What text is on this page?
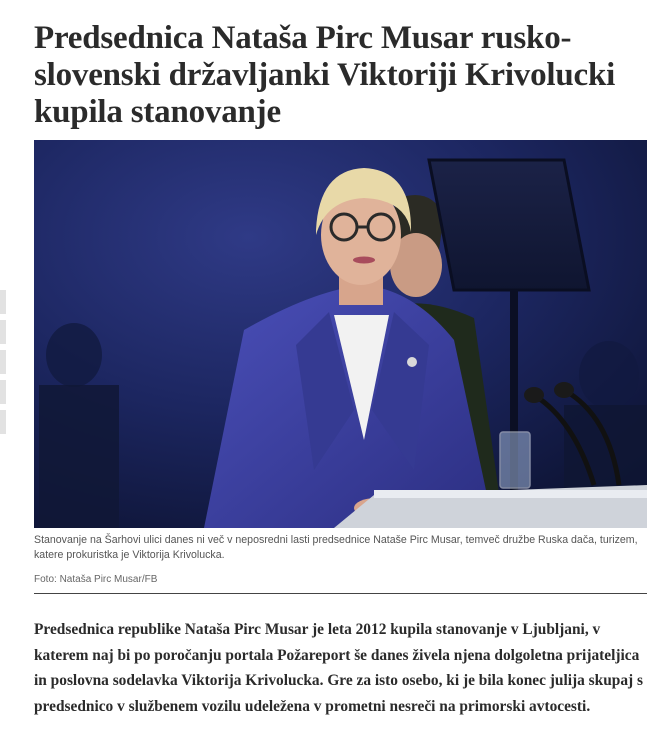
Predsednica Nataša Pirc Musar rusko-slovenski državljanki Viktoriji Krivolucki kupila stanovanje

Stanovanje na Šarhovi ulici danes ni več v neposredni lasti predsednice Nataše Pirc Musar, temveč družbe Ruska dača, turizem, katere prokuristka je Viktorija Krivolucka.

Foto: Nataša Pirc Musar/FB

Predsednica republike Nataša Pirc Musar je leta 2012 kupila stanovanje v Ljubljani, v katerem naj bi po poročanju portala Požareport še danes živela njena dolgoletna prijateljica in poslovna sodelavka Viktorija Krivolucka. Gre za isto osebo, ki je bila konec julija skupaj s predsednico v službenem vozilu udeležena v prometni nesreči na primorski avtocesti.
